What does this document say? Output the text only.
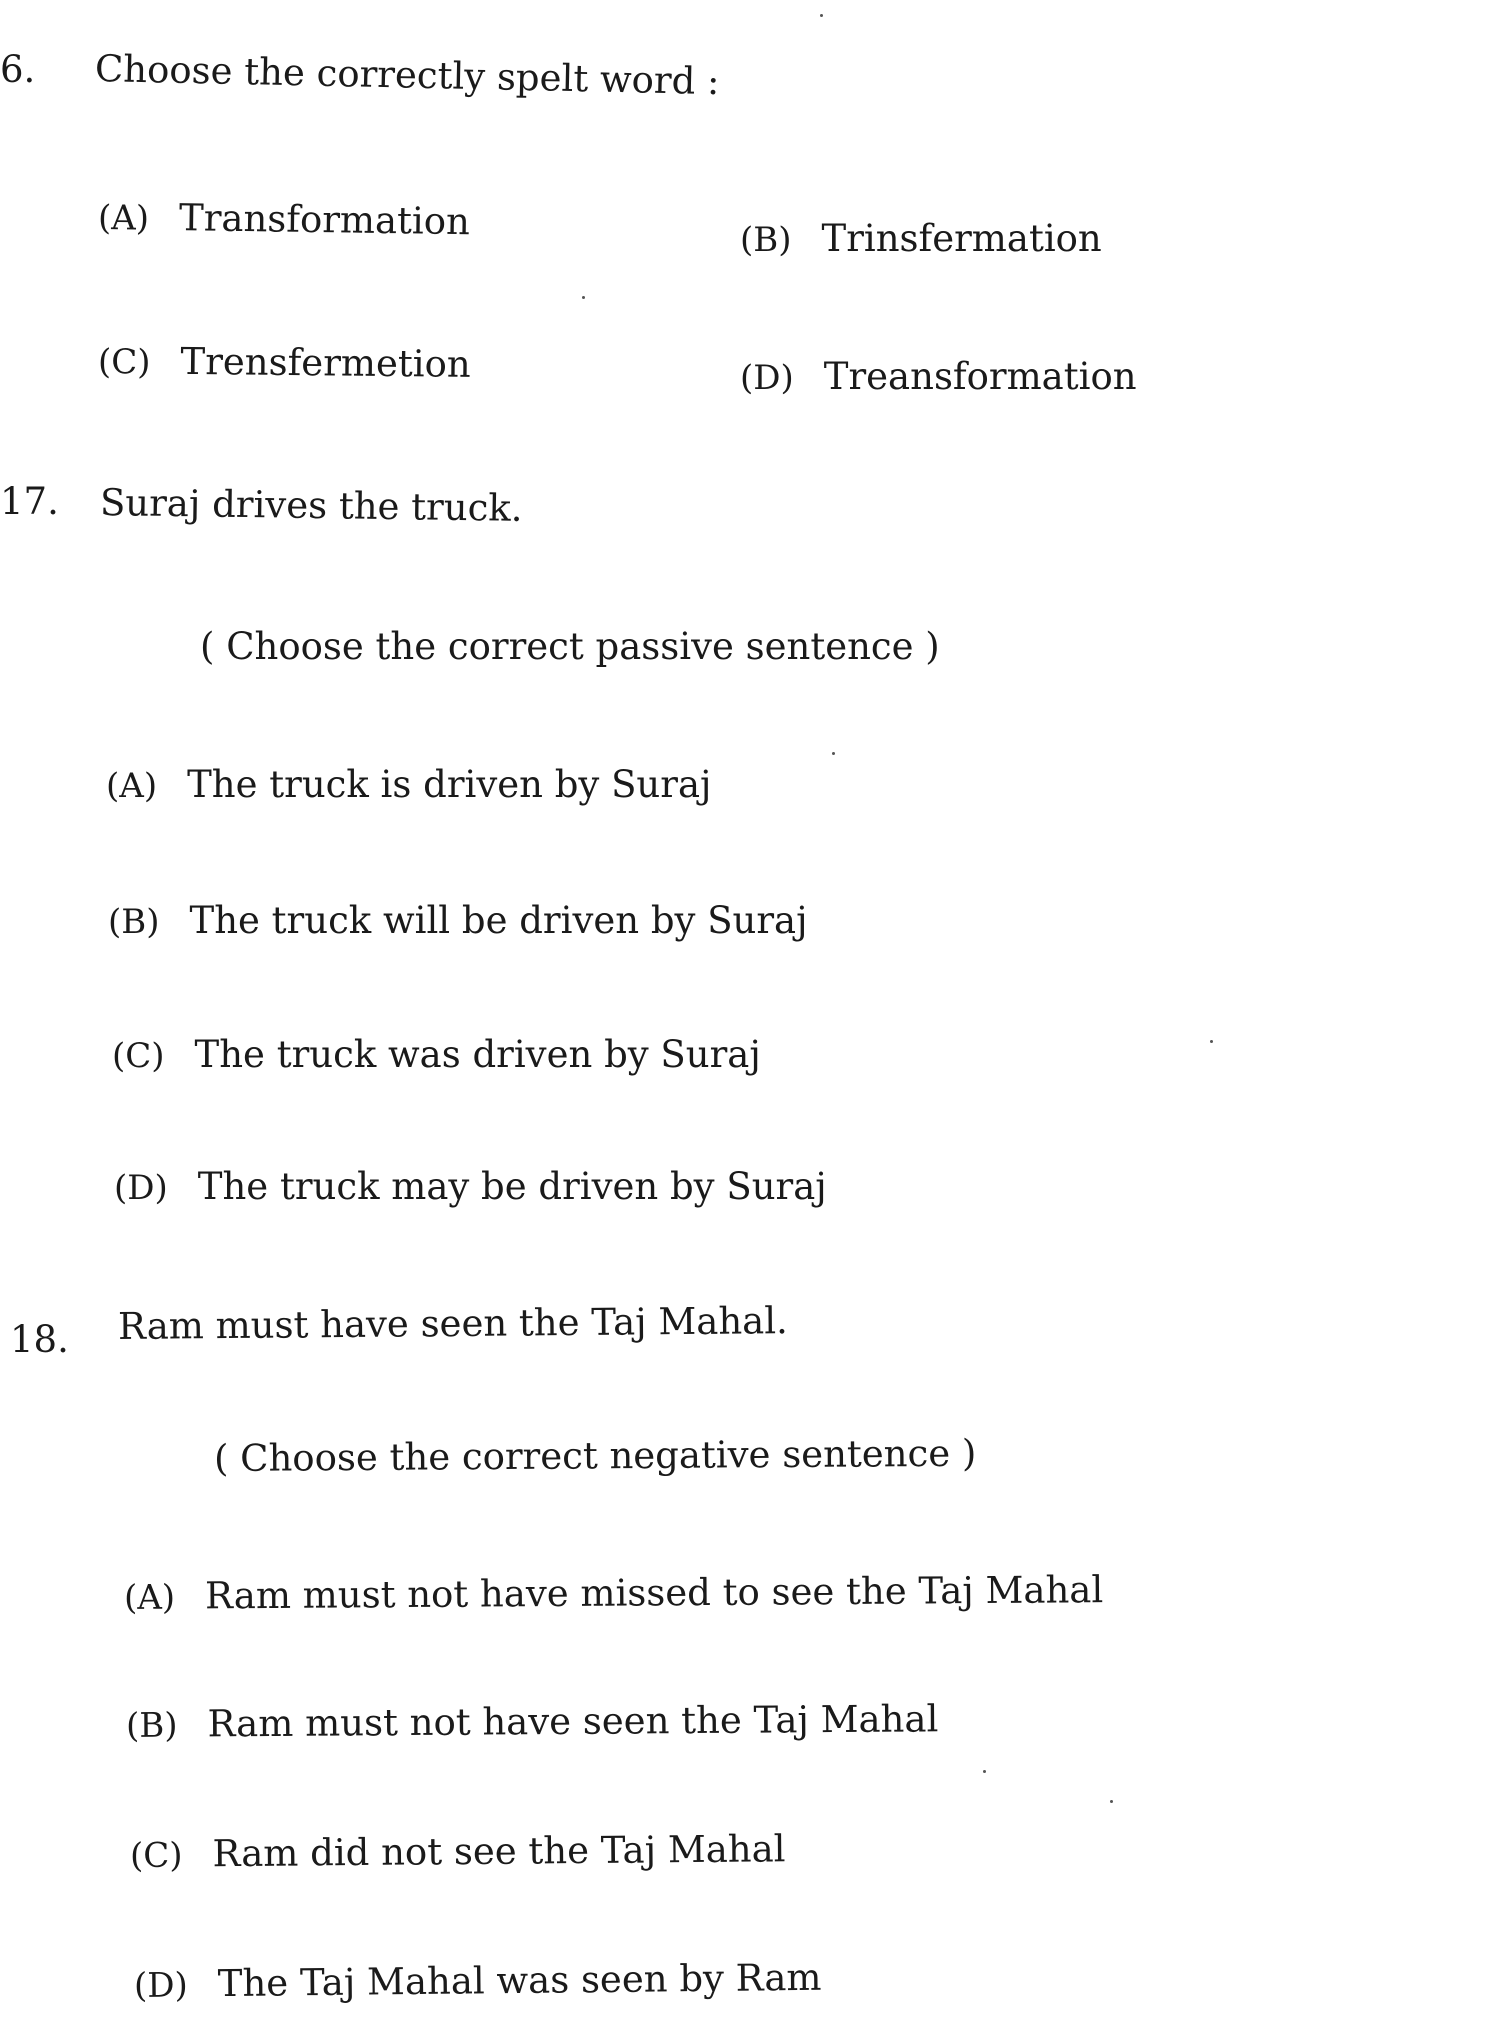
6. Choose the correctly spelt word :
(A) Transformation	(B) Trinsfermation
(C) Trensfermetion	(D) Treansformation
17. Suraj drives the truck.
( Choose the correct passive sentence )
(A) The truck is driven by Suraj
(B) The truck will be driven by Suraj
(C) The truck was driven by Suraj
(D) The truck may be driven by Suraj
18. Ram must have seen the Taj Mahal.
( Choose the correct negative sentence )
(A) Ram must not have missed to see the Taj Mahal
(B) Ram must not have seen the Taj Mahal
(C) Ram did not see the Taj Mahal
(D) The Taj Mahal was seen by Ram
